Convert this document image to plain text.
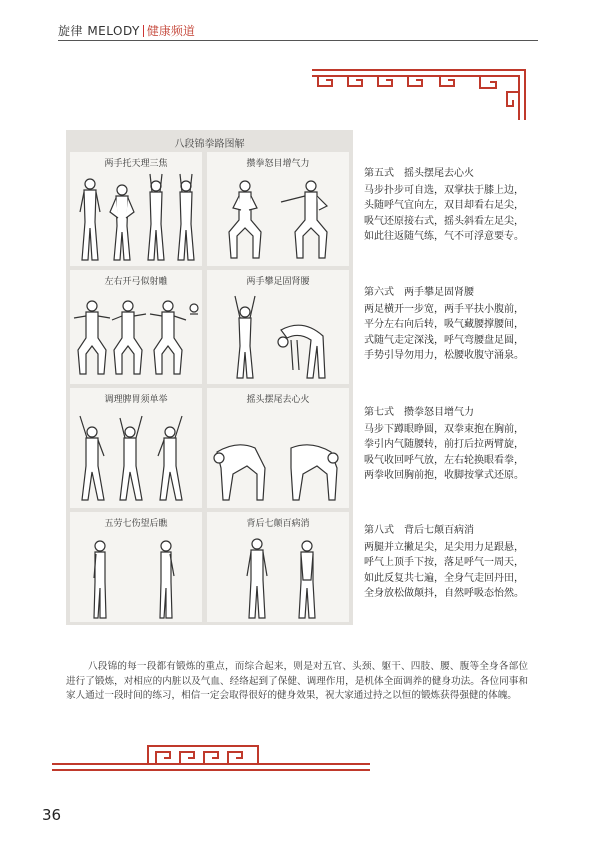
旋律 MELODY 健康频道
八段锦拳路图解
两手托天理三焦	攒拳怒目增气力
左右开弓似射雕	两手攀足固肾腰
调理脾胃须单举	摇头摆尾去心火
五劳七伤望后瞧	背后七颠百病消
第五式　摇头摆尾去心火
马步扑步可自选，双掌扶于膝上边，头随呼气宜向左，双目却看右足尖，吸气还原接右式，摇头斜看左足尖，如此往返随气练，气不可浮意要专。
第六式　两手攀足固肾腰
两足横开一步宽，两手平扶小腹前，平分左右向后转，吸气藏腰撑腰间，式随气走定深浅，呼气弯腰盘足圆，手势引导勿用力，松腰收腹守涌泉。
第七式　攒拳怒目增气力
马步下蹲眼睁圆，双拳束抱在胸前，拳引内气随腰转，前打后拉两臂旋，吸气收回呼气放，左右轮换眼看拳，两拳收回胸前抱，收脚按掌式还原。
第八式　背后七颠百病消
两腿并立撇足尖，足尖用力足跟悬，呼气上顶手下按，落足呼气一周天，如此反复共七遍，全身气走回丹田，全身放松做颠抖，自然呼吸态怡然。
八段锦的每一段都有锻炼的重点，而综合起来，则是对五官、头颈、躯干、四肢、腰、腹等全身各部位进行了锻炼，对相应的内脏以及气血、经络起到了保健、调理作用，是机体全面调养的健身功法。各位同事和家人通过一段时间的练习，相信一定会取得很好的健身效果，祝大家通过持之以恒的锻炼获得强健的体魄。
36
